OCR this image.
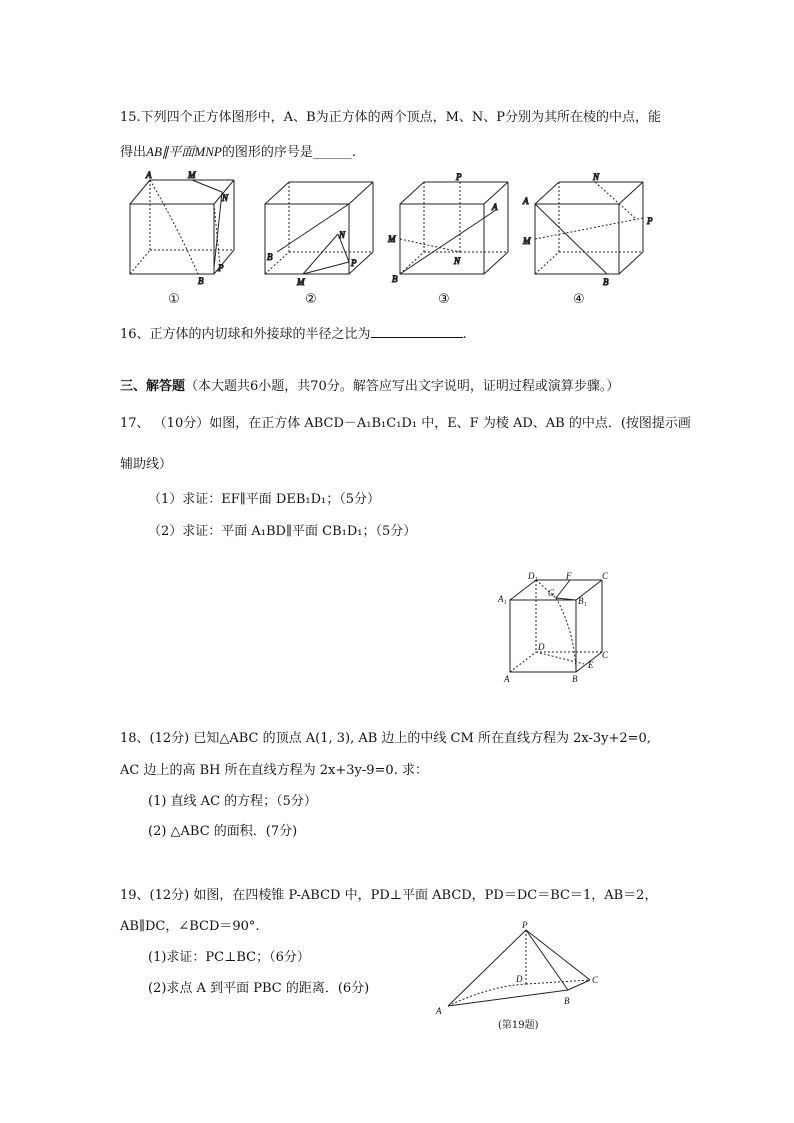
15.下列四个正方体图形中，A、B为正方体的两个顶点，M、N、P分别为其所在棱的中点，能
得出AB∥平面MNP的图形的序号是______.
A	M
N
P
B
N
B
P
M
P
A
M
N
B
N
A
M
P
B
①	②	③	④
16、正方体的内切球和外接球的半径之比为	.
三、解答题（本大题共6小题，共70分。解答应写出文字说明，证明过程或演算步骤。）
17、 （10分）如图，在正方体 ABCD－A₁B₁C₁D₁ 中，E、F 为棱 AD、AB 的中点．(按图提示画
辅助线）
（1）求证：EF∥平面 DEB₁D₁；（5分）
（2）求证：平面 A₁BD∥平面 CB₁D₁；（5分）
D₁	F	C
A₁
G
B₁
D
C
A	B
E
18、(12分) 已知△ABC 的顶点 A(1, 3), AB 边上的中线 CM 所在直线方程为 2x-3y+2=0,
AC 边上的高 BH 所在直线方程为 2x+3y-9=0. 求：
(1) 直线 AC 的方程；（5分）
(2) △ABC 的面积．(7分)
19、(12分) 如图，在四棱锥 P-ABCD 中，PD⊥平面 ABCD，PD＝DC＝BC＝1，AB＝2，
AB∥DC，∠BCD＝90°.
(1)求证：PC⊥BC；（6分）
(2)求点 A 到平面 PBC 的距离．(6分)
P
D	C
A
B
(第19题)
